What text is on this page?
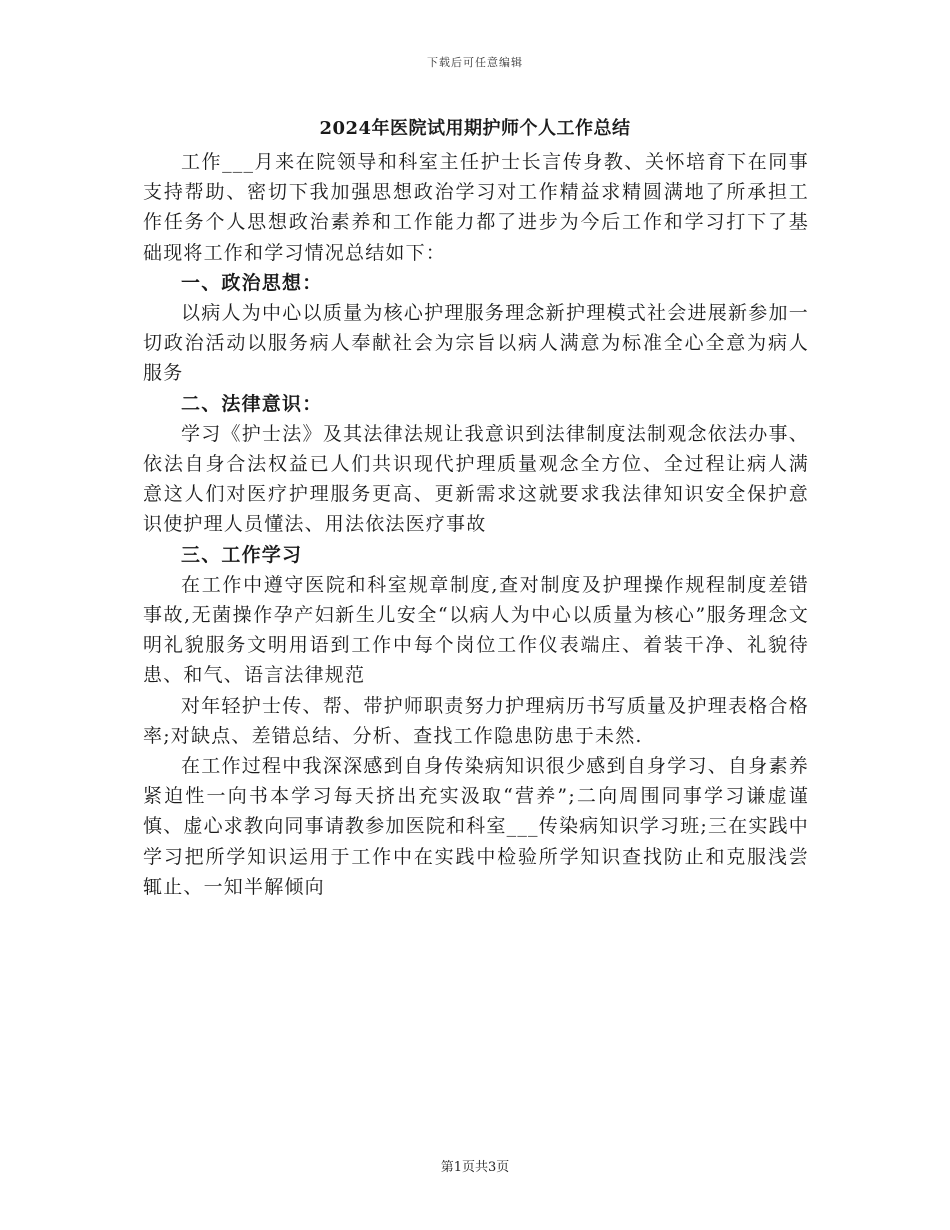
下载后可任意编辑
2024年医院试用期护师个人工作总结

工作___月来在院领导和科室主任护士长言传身教、关怀培育下在同事支持帮助、密切下我加强思想政治学习对工作精益求精圆满地了所承担工作任务个人思想政治素养和工作能力都了进步为今后工作和学习打下了基础现将工作和学习情况总结如下：

一、政治思想：

以病人为中心以质量为核心护理服务理念新护理模式社会进展新参加一切政治活动以服务病人奉献社会为宗旨以病人满意为标准全心全意为病人服务

二、法律意识：

学习《护士法》及其法律法规让我意识到法律制度法制观念依法办事、依法自身合法权益已人们共识现代护理质量观念全方位、全过程让病人满意这人们对医疗护理服务更高、更新需求这就要求我法律知识安全保护意识使护理人员懂法、用法依法医疗事故

三、工作学习

在工作中遵守医院和科室规章制度,查对制度及护理操作规程制度差错事故,无菌操作孕产妇新生儿安全“以病人为中心以质量为核心”服务理念文明礼貌服务文明用语到工作中每个岗位工作仪表端庄、着装干净、礼貌待患、和气、语言法律规范

对年轻护士传、帮、带护师职责努力护理病历书写质量及护理表格合格率;对缺点、差错总结、分析、查找工作隐患防患于未然.

在工作过程中我深深感到自身传染病知识很少感到自身学习、自身素养紧迫性一向书本学习每天挤出充实汲取“营养”;二向周围同事学习谦虚谨慎、虚心求教向同事请教参加医院和科室___传染病知识学习班;三在实践中学习把所学知识运用于工作中在实践中检验所学知识查找防止和克服浅尝辄止、一知半解倾向

第1页共3页
